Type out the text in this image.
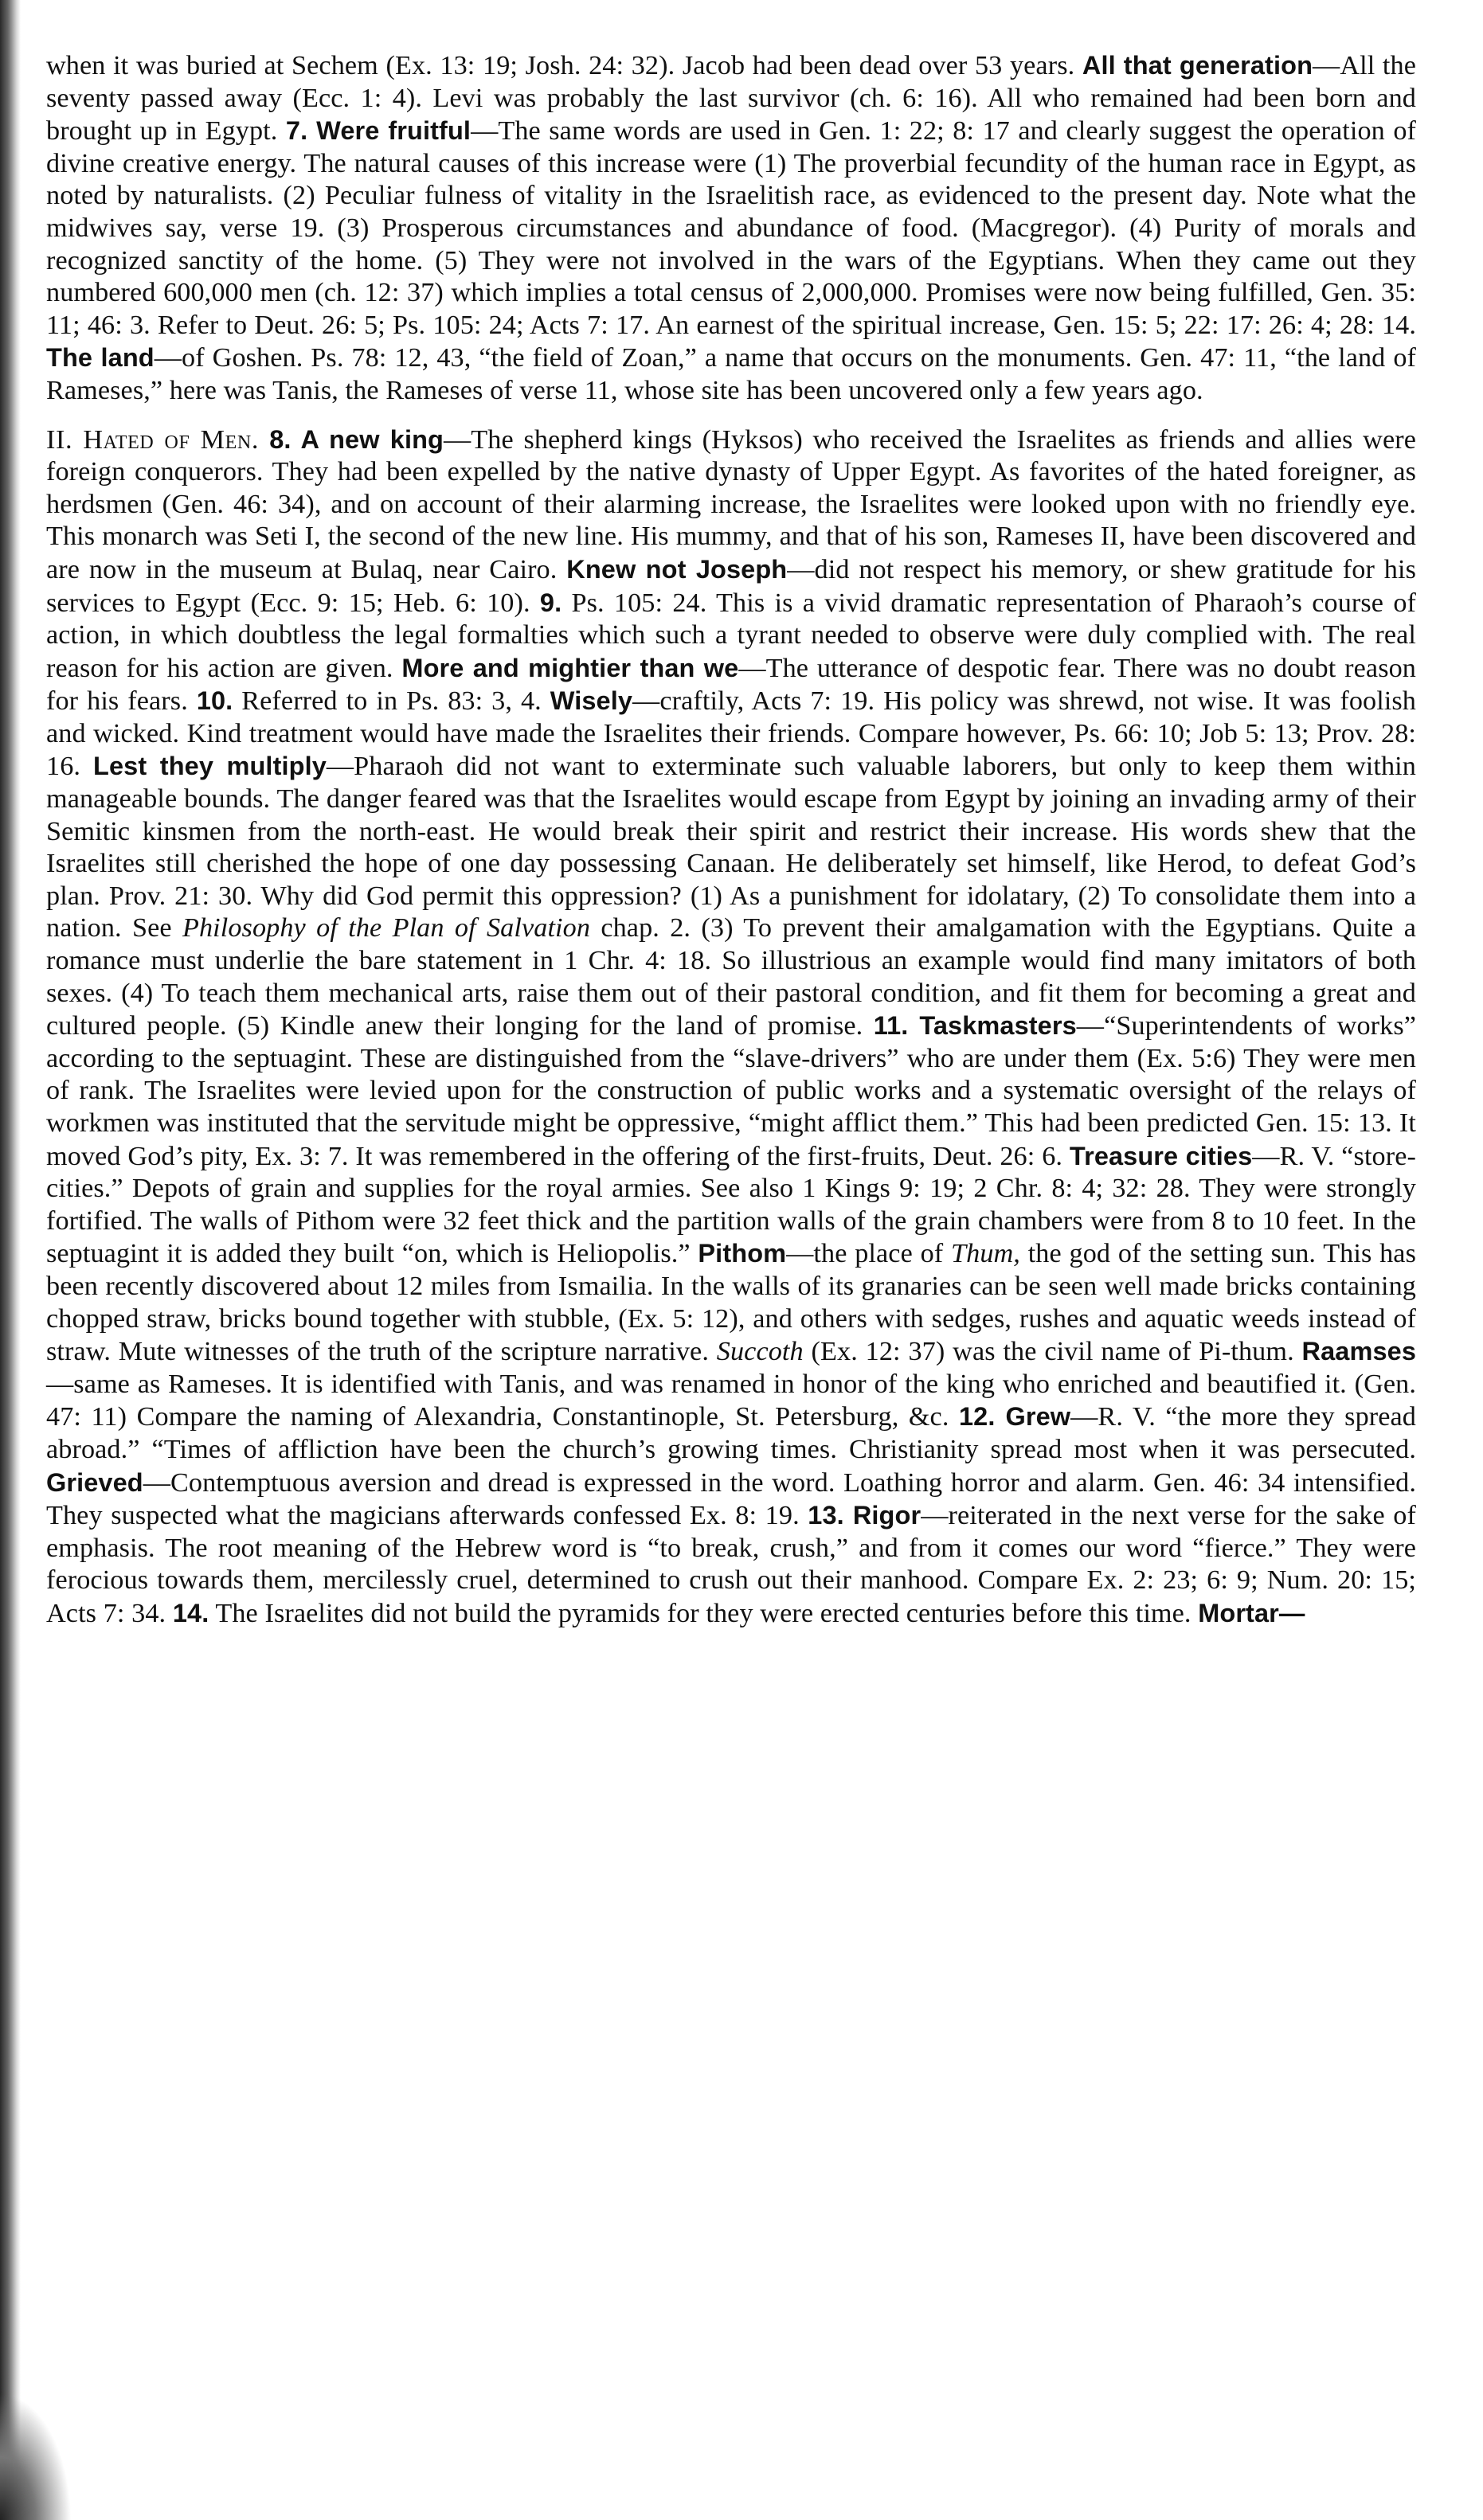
when it was buried at Sechem (Ex. 13: 19; Josh. 24: 32). Jacob had been dead over 53 years. All that generation—All the seventy passed away (Ecc. 1: 4). Levi was probably the last survivor (ch. 6: 16). All who remained had been born and brought up in Egypt. 7. Were fruitful—The same words are used in Gen. 1: 22; 8: 17 and clearly suggest the operation of divine creative energy. The natural causes of this increase were (1) The proverbial fecundity of the human race in Egypt, as noted by naturalists. (2) Peculiar fulness of vitality in the Israelitish race, as evidenced to the present day. Note what the midwives say, verse 19. (3) Prosperous circumstances and abundance of food. (Macgregor). (4) Purity of morals and recognized sanctity of the home. (5) They were not involved in the wars of the Egyptians. When they came out they numbered 600,000 men (ch. 12: 37) which implies a total census of 2,000,000. Promises were now being fulfilled, Gen. 35: 11; 46: 3. Refer to Deut. 26: 5; Ps. 105: 24; Acts 7: 17. An earnest of the spiritual increase, Gen. 15: 5; 22: 17: 26: 4; 28: 14. The land—of Goshen. Ps. 78: 12, 43, “the field of Zoan,” a name that occurs on the monuments. Gen. 47: 11, “the land of Rameses,” here was Tanis, the Rameses of verse 11, whose site has been uncovered only a few years ago.

II. Hated of Men. 8. A new king—The shepherd kings (Hyksos) who received the Israelites as friends and allies were foreign conquerors. They had been expelled by the native dynasty of Upper Egypt. As favorites of the hated foreigner, as herdsmen (Gen. 46: 34), and on account of their alarming increase, the Israelites were looked upon with no friendly eye. This monarch was Seti I, the second of the new line. His mummy, and that of his son, Rameses II, have been discovered and are now in the museum at Bulaq, near Cairo. Knew not Joseph—did not respect his memory, or shew gratitude for his services to Egypt (Ecc. 9: 15; Heb. 6: 10). 9. Ps. 105: 24. This is a vivid dramatic representation of Pharaoh’s course of action, in which doubtless the legal formalties which such a tyrant needed to observe were duly complied with. The real reason for his action are given. More and mightier than we—The utterance of despotic fear. There was no doubt reason for his fears. 10. Referred to in Ps. 83: 3, 4. Wisely—craftily, Acts 7: 19. His policy was shrewd, not wise. It was foolish and wicked. Kind treatment would have made the Israelites their friends. Compare however, Ps. 66: 10; Job 5: 13; Prov. 28: 16. Lest they multiply—Pharaoh did not want to exterminate such valuable laborers, but only to keep them within manageable bounds. The danger feared was that the Israelites would escape from Egypt by joining an invading army of their Semitic kinsmen from the north-east. He would break their spirit and restrict their increase. His words shew that the Israelites still cherished the hope of one day possessing Canaan. He deliberately set himself, like Herod, to defeat God’s plan. Prov. 21: 30. Why did God permit this oppression? (1) As a punishment for idolatary, (2) To consolidate them into a nation. See Philosophy of the Plan of Salvation chap. 2. (3) To prevent their amalgamation with the Egyptians. Quite a romance must underlie the bare statement in 1 Chr. 4: 18. So illustrious an example would find many imitators of both sexes. (4) To teach them mechanical arts, raise them out of their pastoral condition, and fit them for becoming a great and cultured people. (5) Kindle anew their longing for the land of promise. 11. Taskmasters—“Superintendents of works” according to the septuagint. These are distinguished from the “slave-drivers” who are under them (Ex. 5:6) They were men of rank. The Israelites were levied upon for the construction of public works and a systematic oversight of the relays of workmen was instituted that the servitude might be oppressive, “might afflict them.” This had been predicted Gen. 15: 13. It moved God’s pity, Ex. 3: 7. It was remembered in the offering of the first-fruits, Deut. 26: 6. Treasure cities—R. V. “store-cities.” Depots of grain and supplies for the royal armies. See also 1 Kings 9: 19; 2 Chr. 8: 4; 32: 28. They were strongly fortified. The walls of Pithom were 32 feet thick and the partition walls of the grain chambers were from 8 to 10 feet. In the septuagint it is added they built “on, which is Heliopolis.” Pithom—the place of Thum, the god of the setting sun. This has been recently discovered about 12 miles from Ismailia. In the walls of its granaries can be seen well made bricks containing chopped straw, bricks bound together with stubble, (Ex. 5: 12), and others with sedges, rushes and aquatic weeds instead of straw. Mute witnesses of the truth of the scripture narrative. Succoth (Ex. 12: 37) was the civil name of Pi-thum. Raamses—same as Rameses. It is identified with Tanis, and was renamed in honor of the king who enriched and beautified it. (Gen. 47: 11) Compare the naming of Alexandria, Constantinople, St. Petersburg, &c. 12. Grew—R. V. “the more they spread abroad.” “Times of affliction have been the church’s growing times. Christianity spread most when it was persecuted. Grieved—Contemptuous aversion and dread is expressed in the word. Loathing horror and alarm. Gen. 46: 34 intensified. They suspected what the magicians afterwards confessed Ex. 8: 19. 13. Rigor—reiterated in the next verse for the sake of emphasis. The root meaning of the Hebrew word is “to break, crush,” and from it comes our word “fierce.” They were ferocious towards them, mercilessly cruel, determined to crush out their manhood. Compare Ex. 2: 23; 6: 9; Num. 20: 15; Acts 7: 34. 14. The Israelites did not build the pyramids for they were erected centuries before this time. Mortar—
